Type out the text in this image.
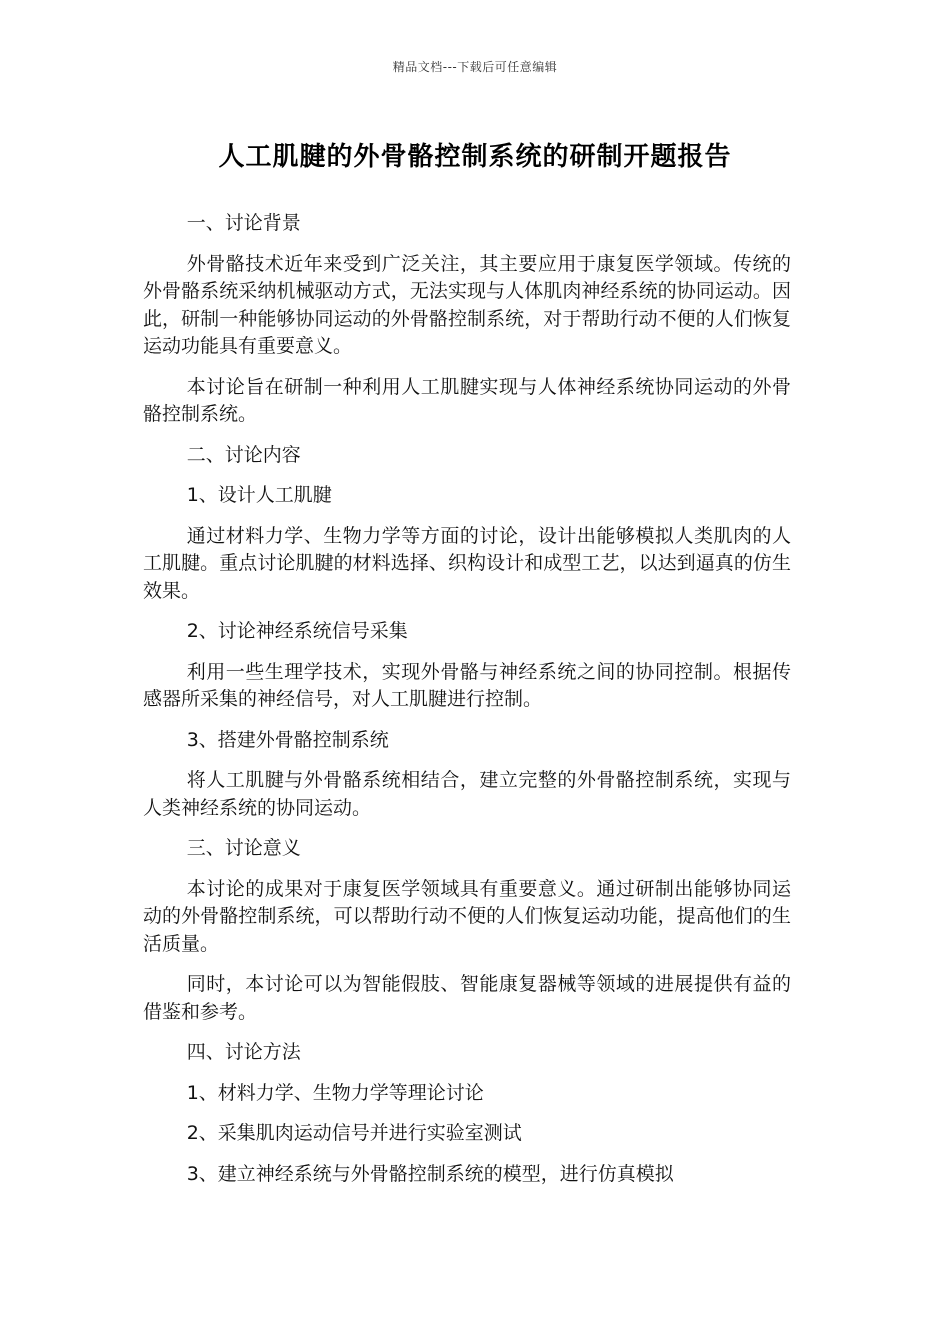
精品文档---下载后可任意编辑
人工肌腱的外骨骼控制系统的研制开题报告
一、讨论背景

外骨骼技术近年来受到广泛关注，其主要应用于康复医学领域。传统的外骨骼系统采纳机械驱动方式，无法实现与人体肌肉神经系统的协同运动。因此，研制一种能够协同运动的外骨骼控制系统，对于帮助行动不便的人们恢复运动功能具有重要意义。

本讨论旨在研制一种利用人工肌腱实现与人体神经系统协同运动的外骨骼控制系统。

二、讨论内容
1、设计人工肌腱

通过材料力学、生物力学等方面的讨论，设计出能够模拟人类肌肉的人工肌腱。重点讨论肌腱的材料选择、织构设计和成型工艺，以达到逼真的仿生效果。

2、讨论神经系统信号采集

利用一些生理学技术，实现外骨骼与神经系统之间的协同控制。根据传感器所采集的神经信号，对人工肌腱进行控制。

3、搭建外骨骼控制系统

将人工肌腱与外骨骼系统相结合，建立完整的外骨骼控制系统，实现与人类神经系统的协同运动。

三、讨论意义

本讨论的成果对于康复医学领域具有重要意义。通过研制出能够协同运动的外骨骼控制系统，可以帮助行动不便的人们恢复运动功能，提高他们的生活质量。

同时，本讨论可以为智能假肢、智能康复器械等领域的进展提供有益的借鉴和参考。

四、讨论方法
1、材料力学、生物力学等理论讨论
2、采集肌肉运动信号并进行实验室测试
3、建立神经系统与外骨骼控制系统的模型，进行仿真模拟
